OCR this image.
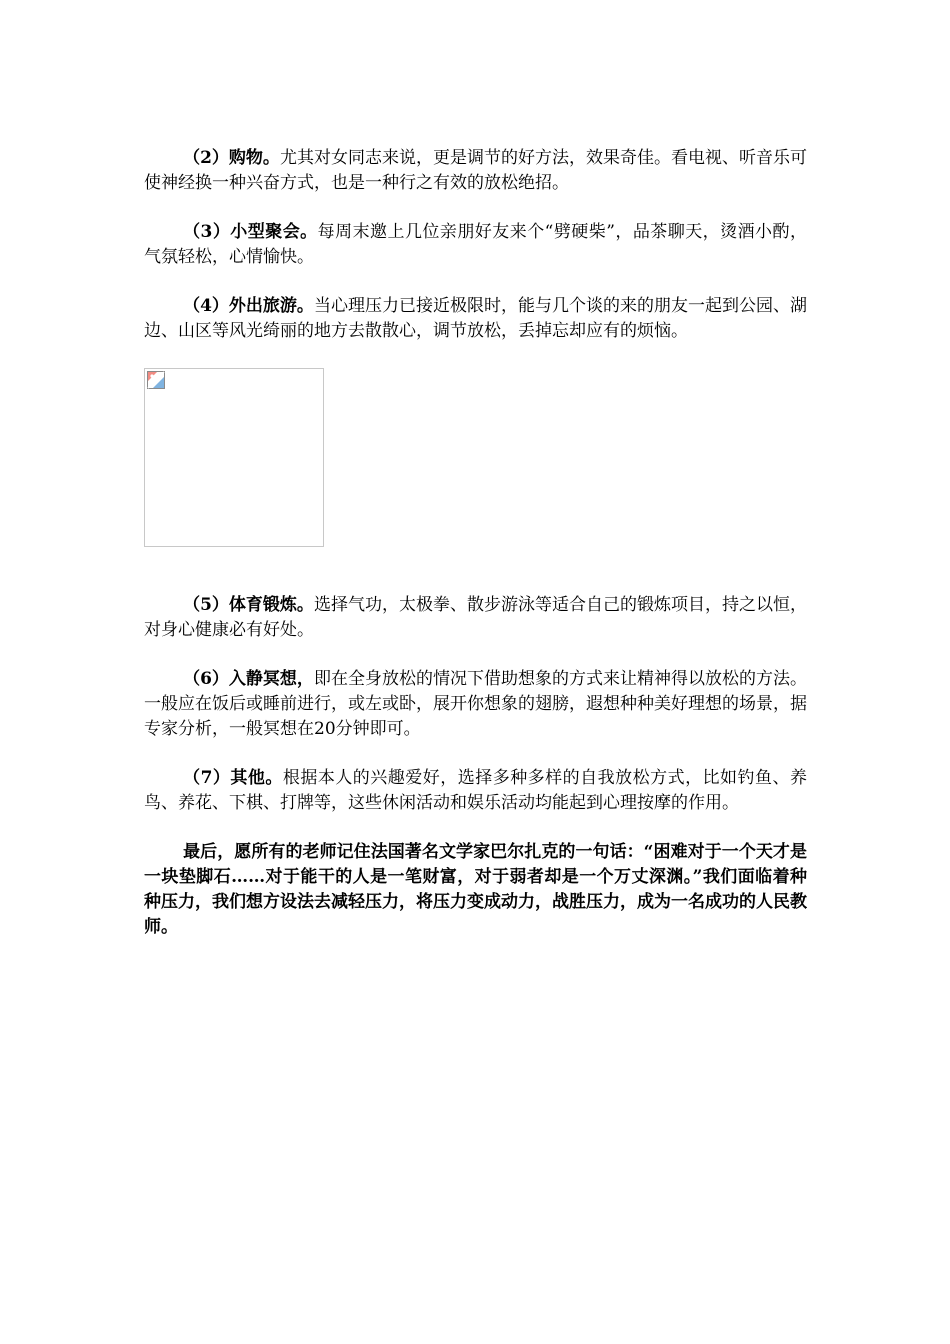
（2）购物。尤其对女同志来说，更是调节的好方法，效果奇佳。看电视、听音乐可使神经换一种兴奋方式，也是一种行之有效的放松绝招。

（3）小型聚会。每周末邀上几位亲朋好友来个“劈硬柴”，品茶聊天，烫酒小酌，气氛轻松，心情愉快。

（4）外出旅游。当心理压力已接近极限时，能与几个谈的来的朋友一起到公园、湖边、山区等风光绮丽的地方去散散心，调节放松，丢掉忘却应有的烦恼。

（5）体育锻炼。选择气功，太极拳、散步游泳等适合自己的锻炼项目，持之以恒，对身心健康必有好处。

（6）入静冥想，即在全身放松的情况下借助想象的方式来让精神得以放松的方法。一般应在饭后或睡前进行，或左或卧，展开你想象的翅膀，遐想种种美好理想的场景，据专家分析，一般冥想在20分钟即可。

（7）其他。根据本人的兴趣爱好，选择多种多样的自我放松方式，比如钓鱼、养鸟、养花、下棋、打牌等，这些休闲活动和娱乐活动均能起到心理按摩的作用。

最后，愿所有的老师记住法国著名文学家巴尔扎克的一句话：“困难对于一个天才是一块垫脚石……对于能干的人是一笔财富，对于弱者却是一个万丈深渊。”我们面临着种种压力，我们想方设法去减轻压力，将压力变成动力，战胜压力，成为一名成功的人民教师。
